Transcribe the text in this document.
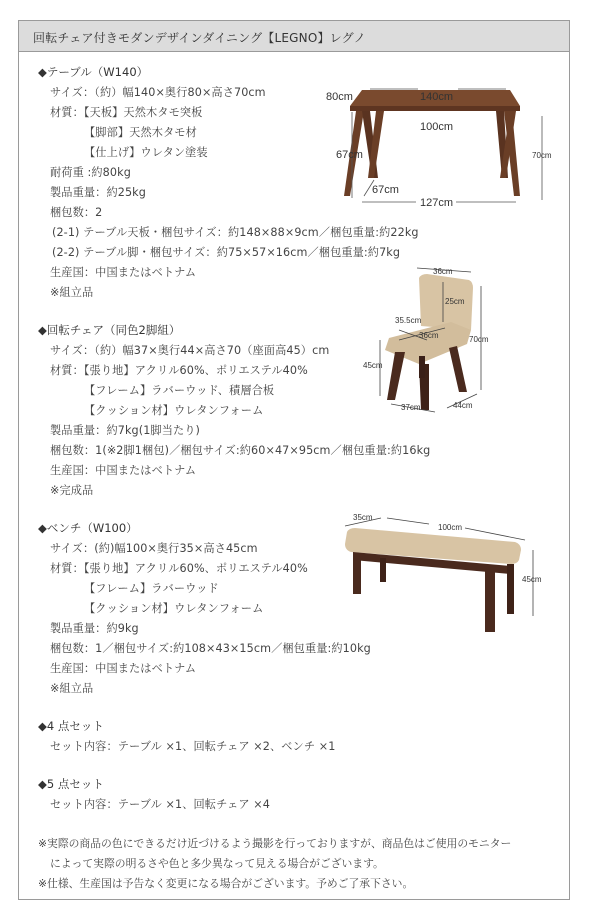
回転チェア付きモダンデザインダイニング【LEGNO】レグノ
◆テーブル（W140）
サイズ：（約）幅140×奥行80×高さ70cm
材質：【天板】天然木タモ突板
【脚部】天然木タモ材
【仕上げ】ウレタン塗装
耐荷重 :約80kg
製品重量：約25kg
梱包数：2
(2-1) テーブル天板・梱包サイズ：約148×88×9cm／梱包重量:約22kg
(2-2) テーブル脚・梱包サイズ：約75×57×16cm／梱包重量:約7kg
生産国：中国またはベトナム
※組立品
80cm	140cm
100cm
67cm
67cm
70cm
127cm
◆回転チェア（同色2脚組）
サイズ：（約）幅37×奥行44×高さ70（座面高45）cm
材質：【張り地】アクリル60%、ポリエステル40%
【フレーム】ラバーウッド、積層合板
【クッション材】ウレタンフォーム
製品重量：約7kg(1脚当たり)
梱包数：1(※2脚1梱包)／梱包サイズ:約60×47×95cm／梱包重量:約16kg
生産国：中国またはベトナム
※完成品
36cm
25cm
35.5cm
36cm	70cm
45cm
37cm	44cm
◆ベンチ（W100）
サイズ：(約)幅100×奥行35×高さ45cm
材質：【張り地】アクリル60%、ポリエステル40%
【フレーム】ラバーウッド
【クッション材】ウレタンフォーム
製品重量：約9kg
梱包数：1／梱包サイズ:約108×43×15cm／梱包重量:約10kg
生産国：中国またはベトナム
※組立品
35cm
100cm
45cm
◆4 点セット
セット内容：テーブル ×1、回転チェア ×2、ベンチ ×1
◆5 点セット
セット内容：テーブル ×1、回転チェア ×4
※実際の商品の色にできるだけ近づけるよう撮影を行っておりますが、商品色はご使用のモニター
によって実際の明るさや色と多少異なって見える場合がございます。
※仕様、生産国は予告なく変更になる場合がございます。予めご了承下さい。
